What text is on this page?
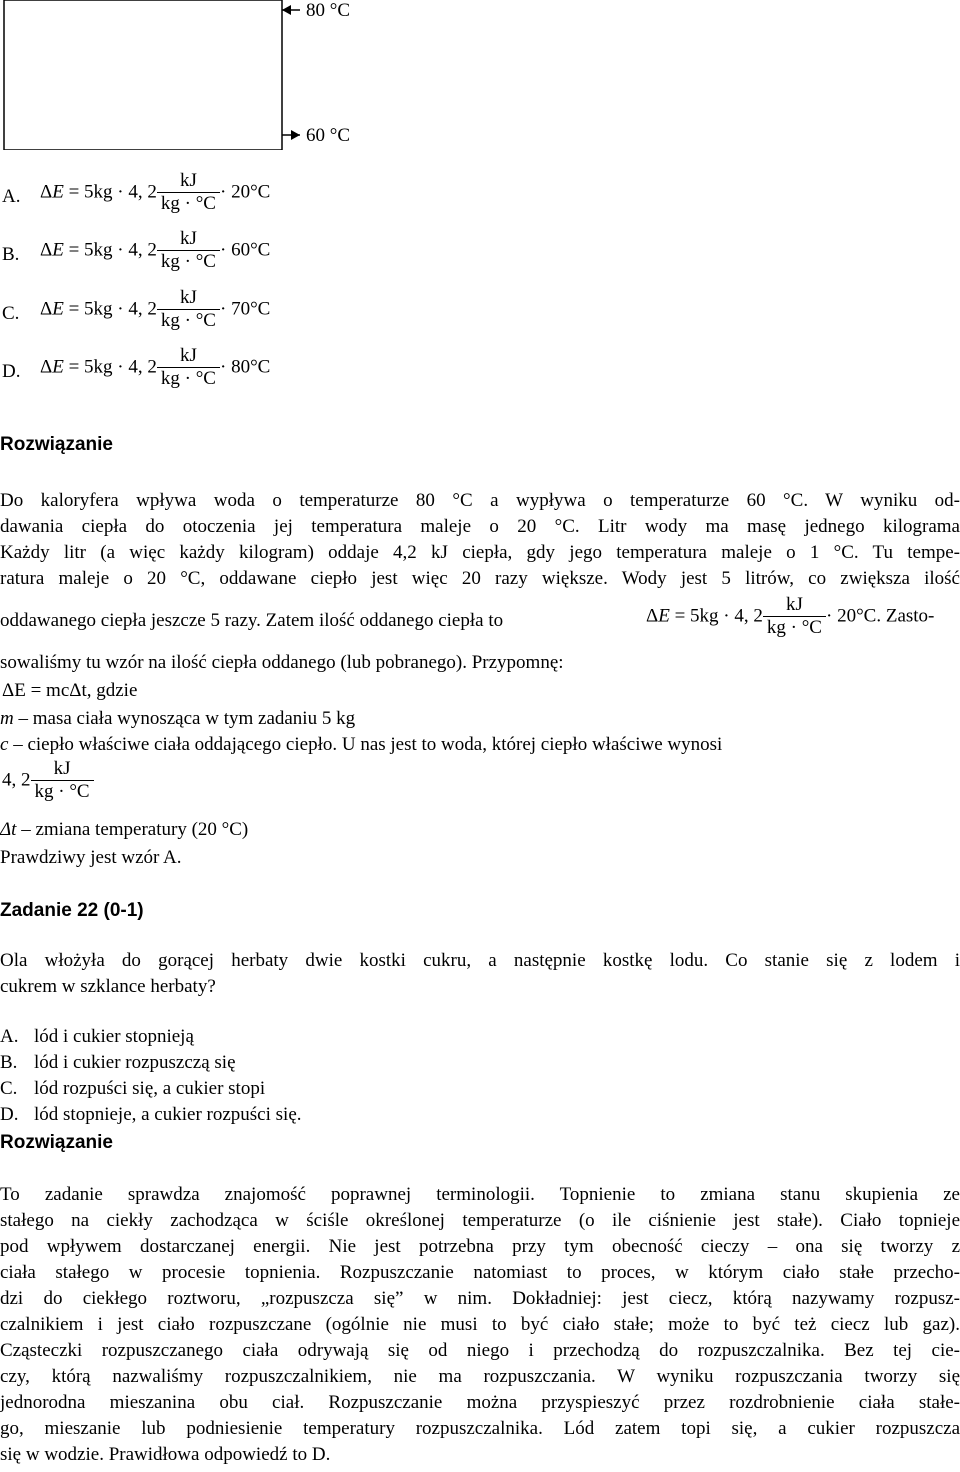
80 °C
60 °C
A. ΔE = 5kg · 4, $2 \frac{kJ}{kg \cdot ^\circ C} \cdot 20^\circ C$
B. ΔE = 5kg · 4, $2 \frac{kJ}{kg \cdot ^\circ C} \cdot 60^\circ C$
C. ΔE = 5kg · 4, $2 \frac{kJ}{kg \cdot ^\circ C} \cdot 70^\circ C$
D. ΔE = 5kg · 4, $2 \frac{kJ}{kg \cdot ^\circ C} \cdot 80^\circ C$
Rozwiązanie
Do kaloryfera wpływa woda o temperaturze 80 °C a wypływa o temperaturze 60 °C. W wyniku od-
dawania ciepła do otoczenia jej temperatura maleje o 20 °C. Litr wody ma masę jednego kilograma
Każdy litr (a więc każdy kilogram) oddaje 4,2 kJ ciepła, gdy jego temperatura maleje o 1 °C. Tu tempe-
ratura maleje o 20 °C, oddawane ciepło jest więc 20 razy większe. Wody jest 5 litrów, co zwiększa ilość
oddawanego ciepła jeszcze 5 razy. Zatem ilość oddanego ciepła to	ΔE = 5kg · 4, $2 \frac{kJ}{kg \cdot ^\circ C} \cdot 20^\circ C$. Zasto-
sowaliśmy tu wzór na ilość ciepła oddanego (lub pobranego). Przypomnę:
ΔE = mcΔt, gdzie
m – masa ciała wynosząca w tym zadaniu 5 kg
c – ciepło właściwe ciała oddającego ciepło. U nas jest to woda, której ciepło właściwe wynosi
4, $2 \frac{kJ}{kg \cdot ^\circ C}$
Δt – zmiana temperatury (20 °C)
Prawdziwy jest wzór A.
Zadanie 22 (0-1)
Ola włożyła do gorącej herbaty dwie kostki cukru, a następnie kostkę lodu. Co stanie się z lodem i
cukrem w szklance herbaty?
A. lód i cukier stopnieją
B. lód i cukier rozpuszczą się
C. lód rozpuści się, a cukier stopi
D. lód stopnieje, a cukier rozpuści się.
Rozwiązanie
To zadanie sprawdza znajomość poprawnej terminologii. Topnienie to zmiana stanu skupienia ze
stałego na ciekły zachodząca w ściśle określonej temperaturze (o ile ciśnienie jest stałe). Ciało topnieje
pod wpływem dostarczanej energii. Nie jest potrzebna przy tym obecność cieczy – ona się tworzy z
ciała stałego w procesie topnienia. Rozpuszczanie natomiast to proces, w którym ciało stałe przecho-
dzi do ciekłego roztworu, „rozpuszcza się” w nim. Dokładniej: jest ciecz, którą nazywamy rozpusz-
czalnikiem i jest ciało rozpuszczane (ogólnie nie musi to być ciało stałe; może to być też ciecz lub gaz).
Cząsteczki rozpuszczanego ciała odrywają się od niego i przechodzą do rozpuszczalnika. Bez tej cie-
czy, którą nazwaliśmy rozpuszczalnikiem, nie ma rozpuszczania. W wyniku rozpuszczania tworzy się
jednorodna mieszanina obu ciał. Rozpuszczanie można przyspieszyć przez rozdrobnienie ciała stałe-
go, mieszanie lub podniesienie temperatury rozpuszczalnika. Lód zatem topi się, a cukier rozpuszcza
się w wodzie. Prawidłowa odpowiedź to D.
